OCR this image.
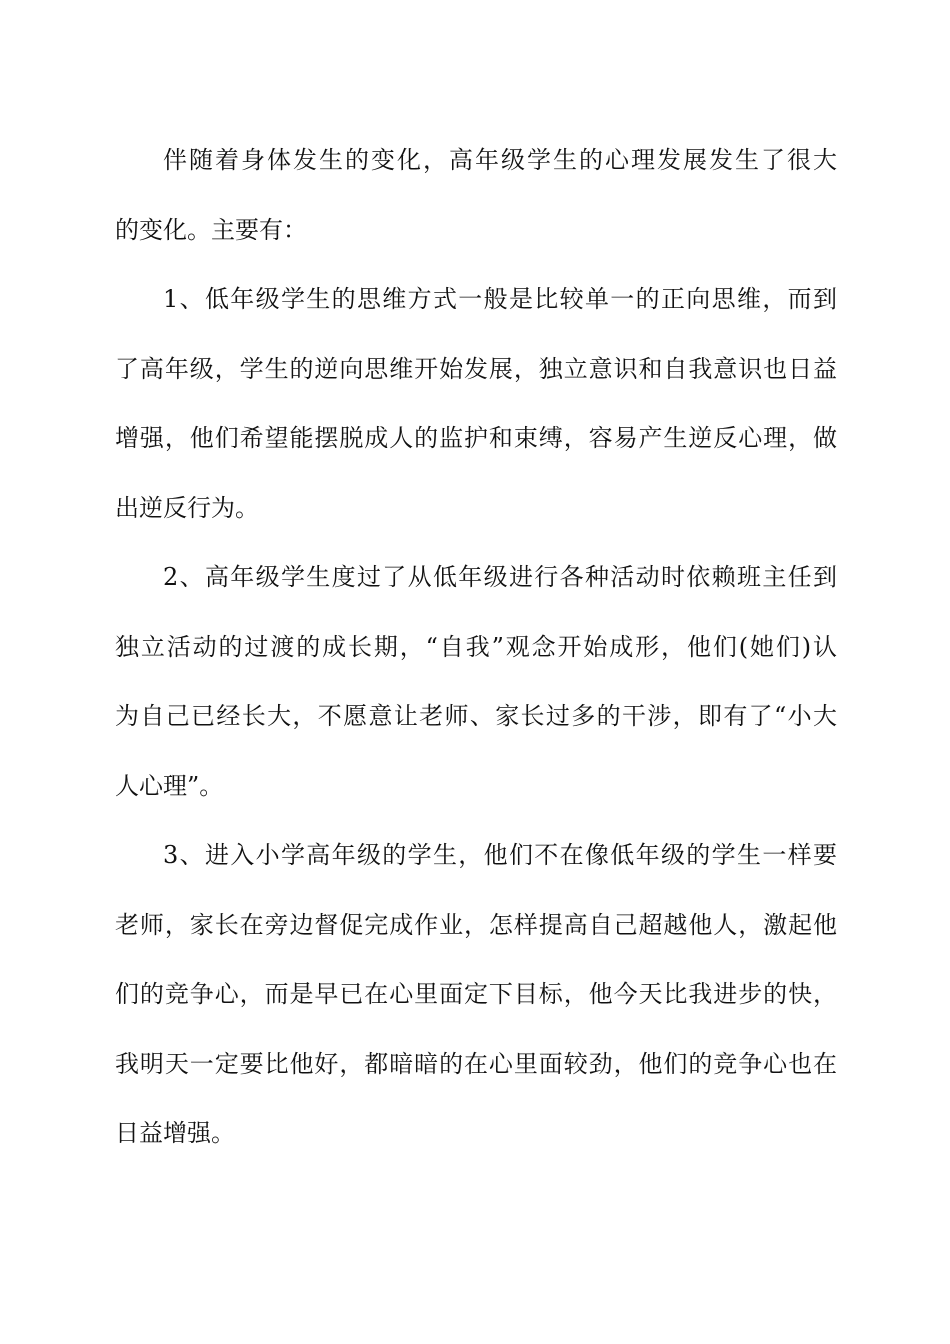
伴随着身体发生的变化，高年级学生的心理发展发生了很大
的变化。主要有：
1、低年级学生的思维方式一般是比较单一的正向思维，而到
了高年级，学生的逆向思维开始发展，独立意识和自我意识也日益
增强，他们希望能摆脱成人的监护和束缚，容易产生逆反心理，做
出逆反行为。
2、高年级学生度过了从低年级进行各种活动时依赖班主任到
独立活动的过渡的成长期，“自我”观念开始成形，他们(她们)认
为自己已经长大，不愿意让老师、家长过多的干涉，即有了“小大
人心理”。
3、进入小学高年级的学生，他们不在像低年级的学生一样要
老师，家长在旁边督促完成作业，怎样提高自己超越他人，激起他
们的竞争心，而是早已在心里面定下目标，他今天比我进步的快，
我明天一定要比他好，都暗暗的在心里面较劲，他们的竞争心也在
日益增强。
